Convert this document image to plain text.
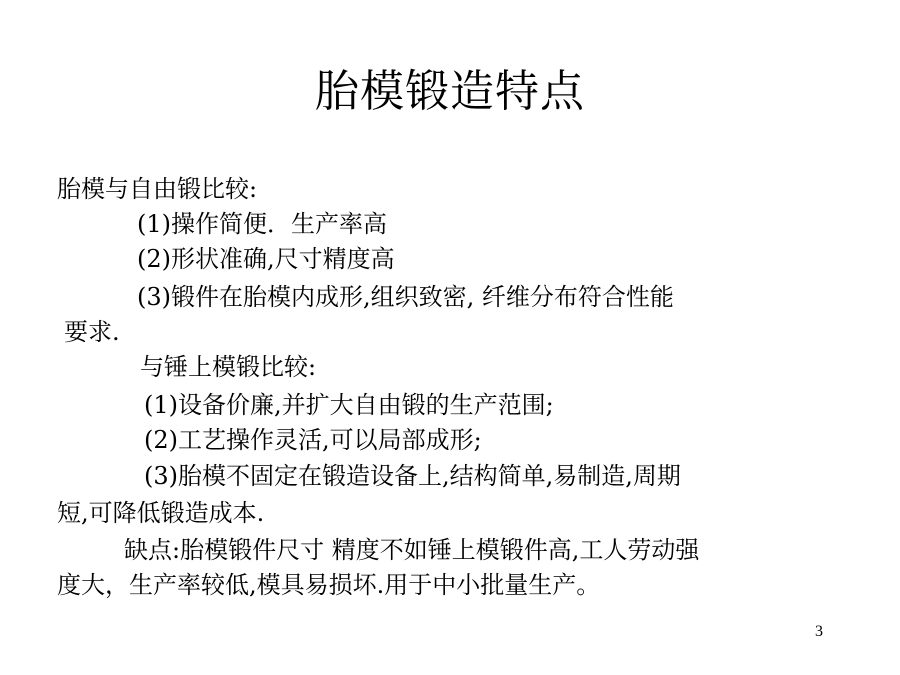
胎模锻造特点
胎模与自由锻比较:
(1)操作简便．生产率高
(2)形状准确,尺寸精度高
(3)锻件在胎模内成形,组织致密, 纤维分布符合性能
要求.
与锤上模锻比较:
(1)设备价廉,并扩大自由锻的生产范围;
(2)工艺操作灵活,可以局部成形;
(3)胎模不固定在锻造设备上,结构简单,易制造,周期
短,可降低锻造成本.
缺点:胎模锻件尺寸 精度不如锤上模锻件高,工人劳动强
度大，生产率较低,模具易损坏.用于中小批量生产。
3
